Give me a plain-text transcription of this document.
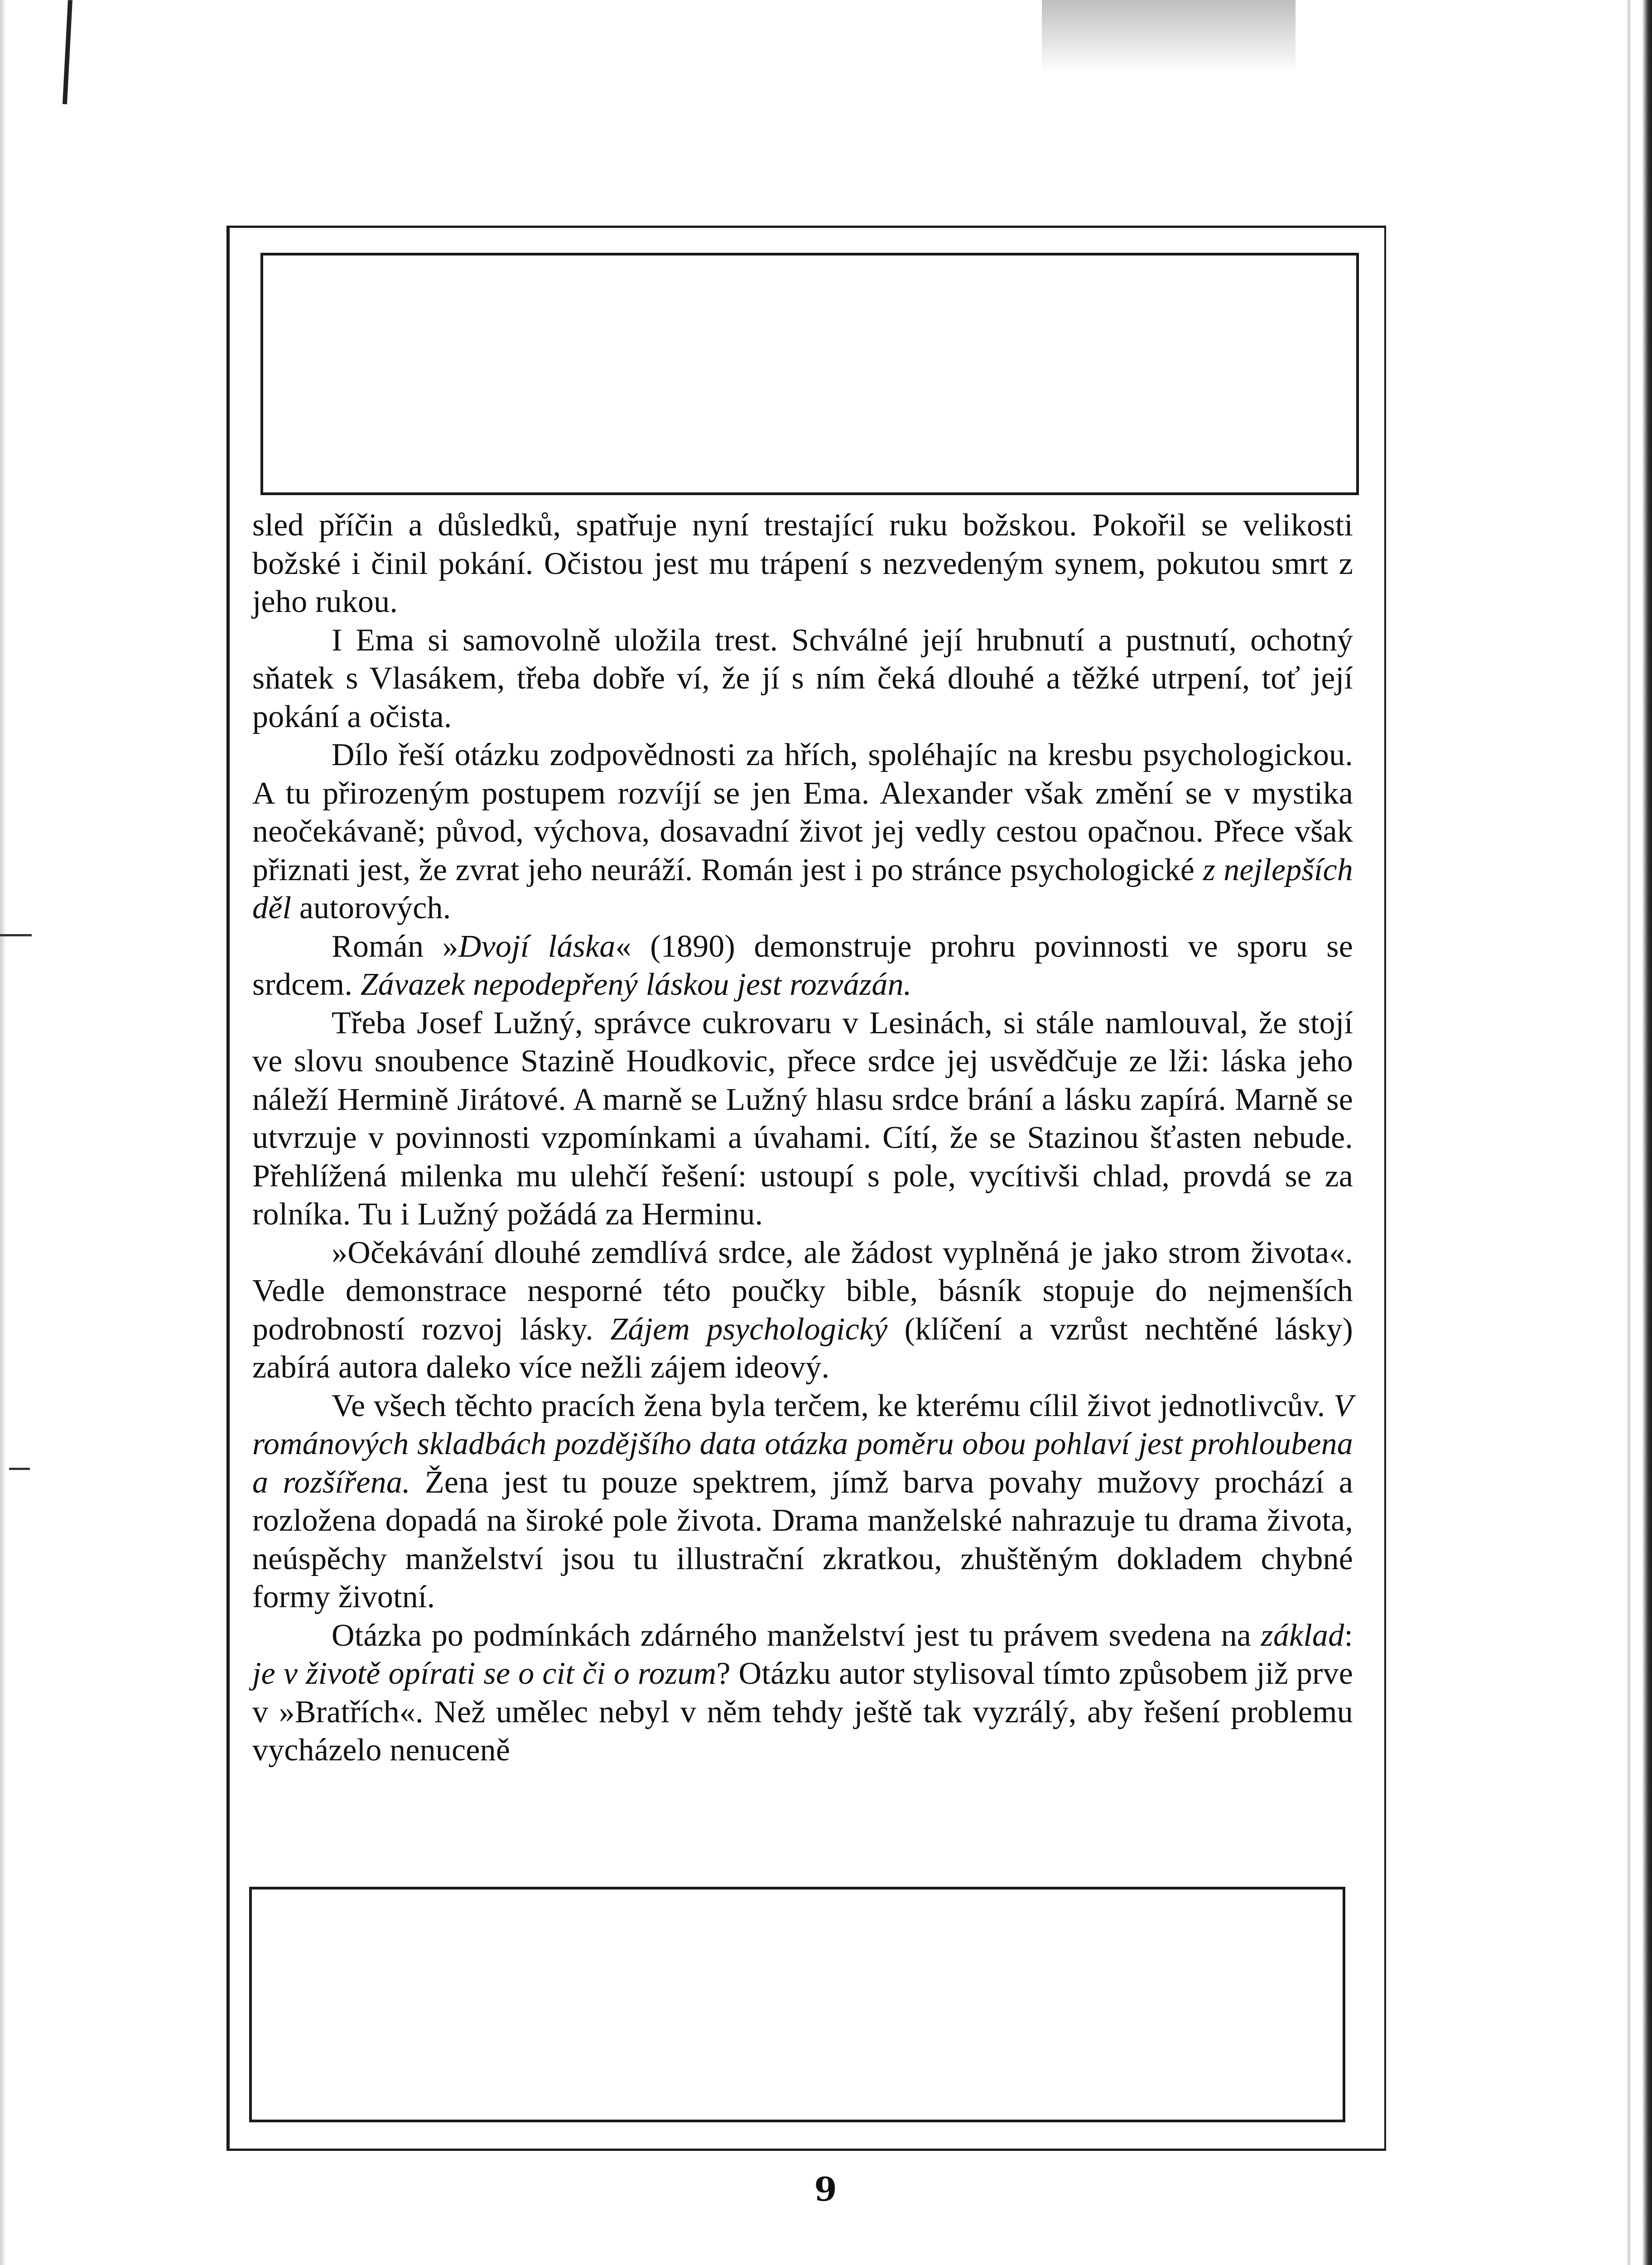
sled příčin a důsledků, spatřuje nyní trestající ruku božskou. Pokořil se velikosti božské i činil pokání. Očistou jest mu trápení s nezvedeným synem, pokutou smrt z jeho rukou.

I Ema si samovolně uložila trest. Schválné její hrubnutí a pustnutí, ochotný sňatek s Vlasákem, třeba dobře ví, že jí s ním čeká dlouhé a těžké utrpení, toť její pokání a očista.

Dílo řeší otázku zodpovědnosti za hřích, spoléhajíc na kresbu psychologickou. A tu přirozeným postupem rozvíjí se jen Ema. Alexander však změní se v mystika neočekávaně; původ, výchova, dosavadní život jej vedly cestou opačnou. Přece však přiznati jest, že zvrat jeho neuráží. Román jest i po stránce psychologické z nejlepších děl autorových.

Román »Dvojí láska« (1890) demonstruje prohru povinnosti ve sporu se srdcem. Závazek nepodepřený láskou jest rozvázán.

Třeba Josef Lužný, správce cukrovaru v Lesinách, si stále namlouval, že stojí ve slovu snoubence Stazině Houdkovic, přece srdce jej usvědčuje ze lži: láska jeho náleží Hermině Jirátové. A marně se Lužný hlasu srdce brání a lásku zapírá. Marně se utvrzuje v povinnosti vzpomínkami a úvahami. Cítí, že se Stazinou šťasten nebude. Přehlížená milenka mu ulehčí řešení: ustoupí s pole, vycítivši chlad, provdá se za rolníka. Tu i Lužný požádá za Herminu.

»Očekávání dlouhé zemdlívá srdce, ale žádost vyplněná je jako strom života«. Vedle demonstrace nesporné této poučky bible, básník stopuje do nejmenších podrobností rozvoj lásky. Zájem psychologický (klíčení a vzrůst nechtěné lásky) zabírá autora daleko více nežli zájem ideový.

Ve všech těchto pracích žena byla terčem, ke kterému cílil život jednotlivcův. V románových skladbách pozdějšího data otázka poměru obou pohlaví jest prohloubena a rozšířena. Žena jest tu pouze spektrem, jímž barva povahy mužovy prochází a rozložena dopadá na široké pole života. Drama manželské nahrazuje tu drama života, neúspěchy manželství jsou tu illustrační zkratkou, zhuštěným dokladem chybné formy životní.

Otázka po podmínkách zdárného manželství jest tu právem svedena na základ: je v životě opírati se o cit či o rozum? Otázku autor stylisoval tímto způsobem již prve v »Bratřích«. Než umělec nebyl v něm tehdy ještě tak vyzrálý, aby řešení problemu vycházelo nenuceně

9
